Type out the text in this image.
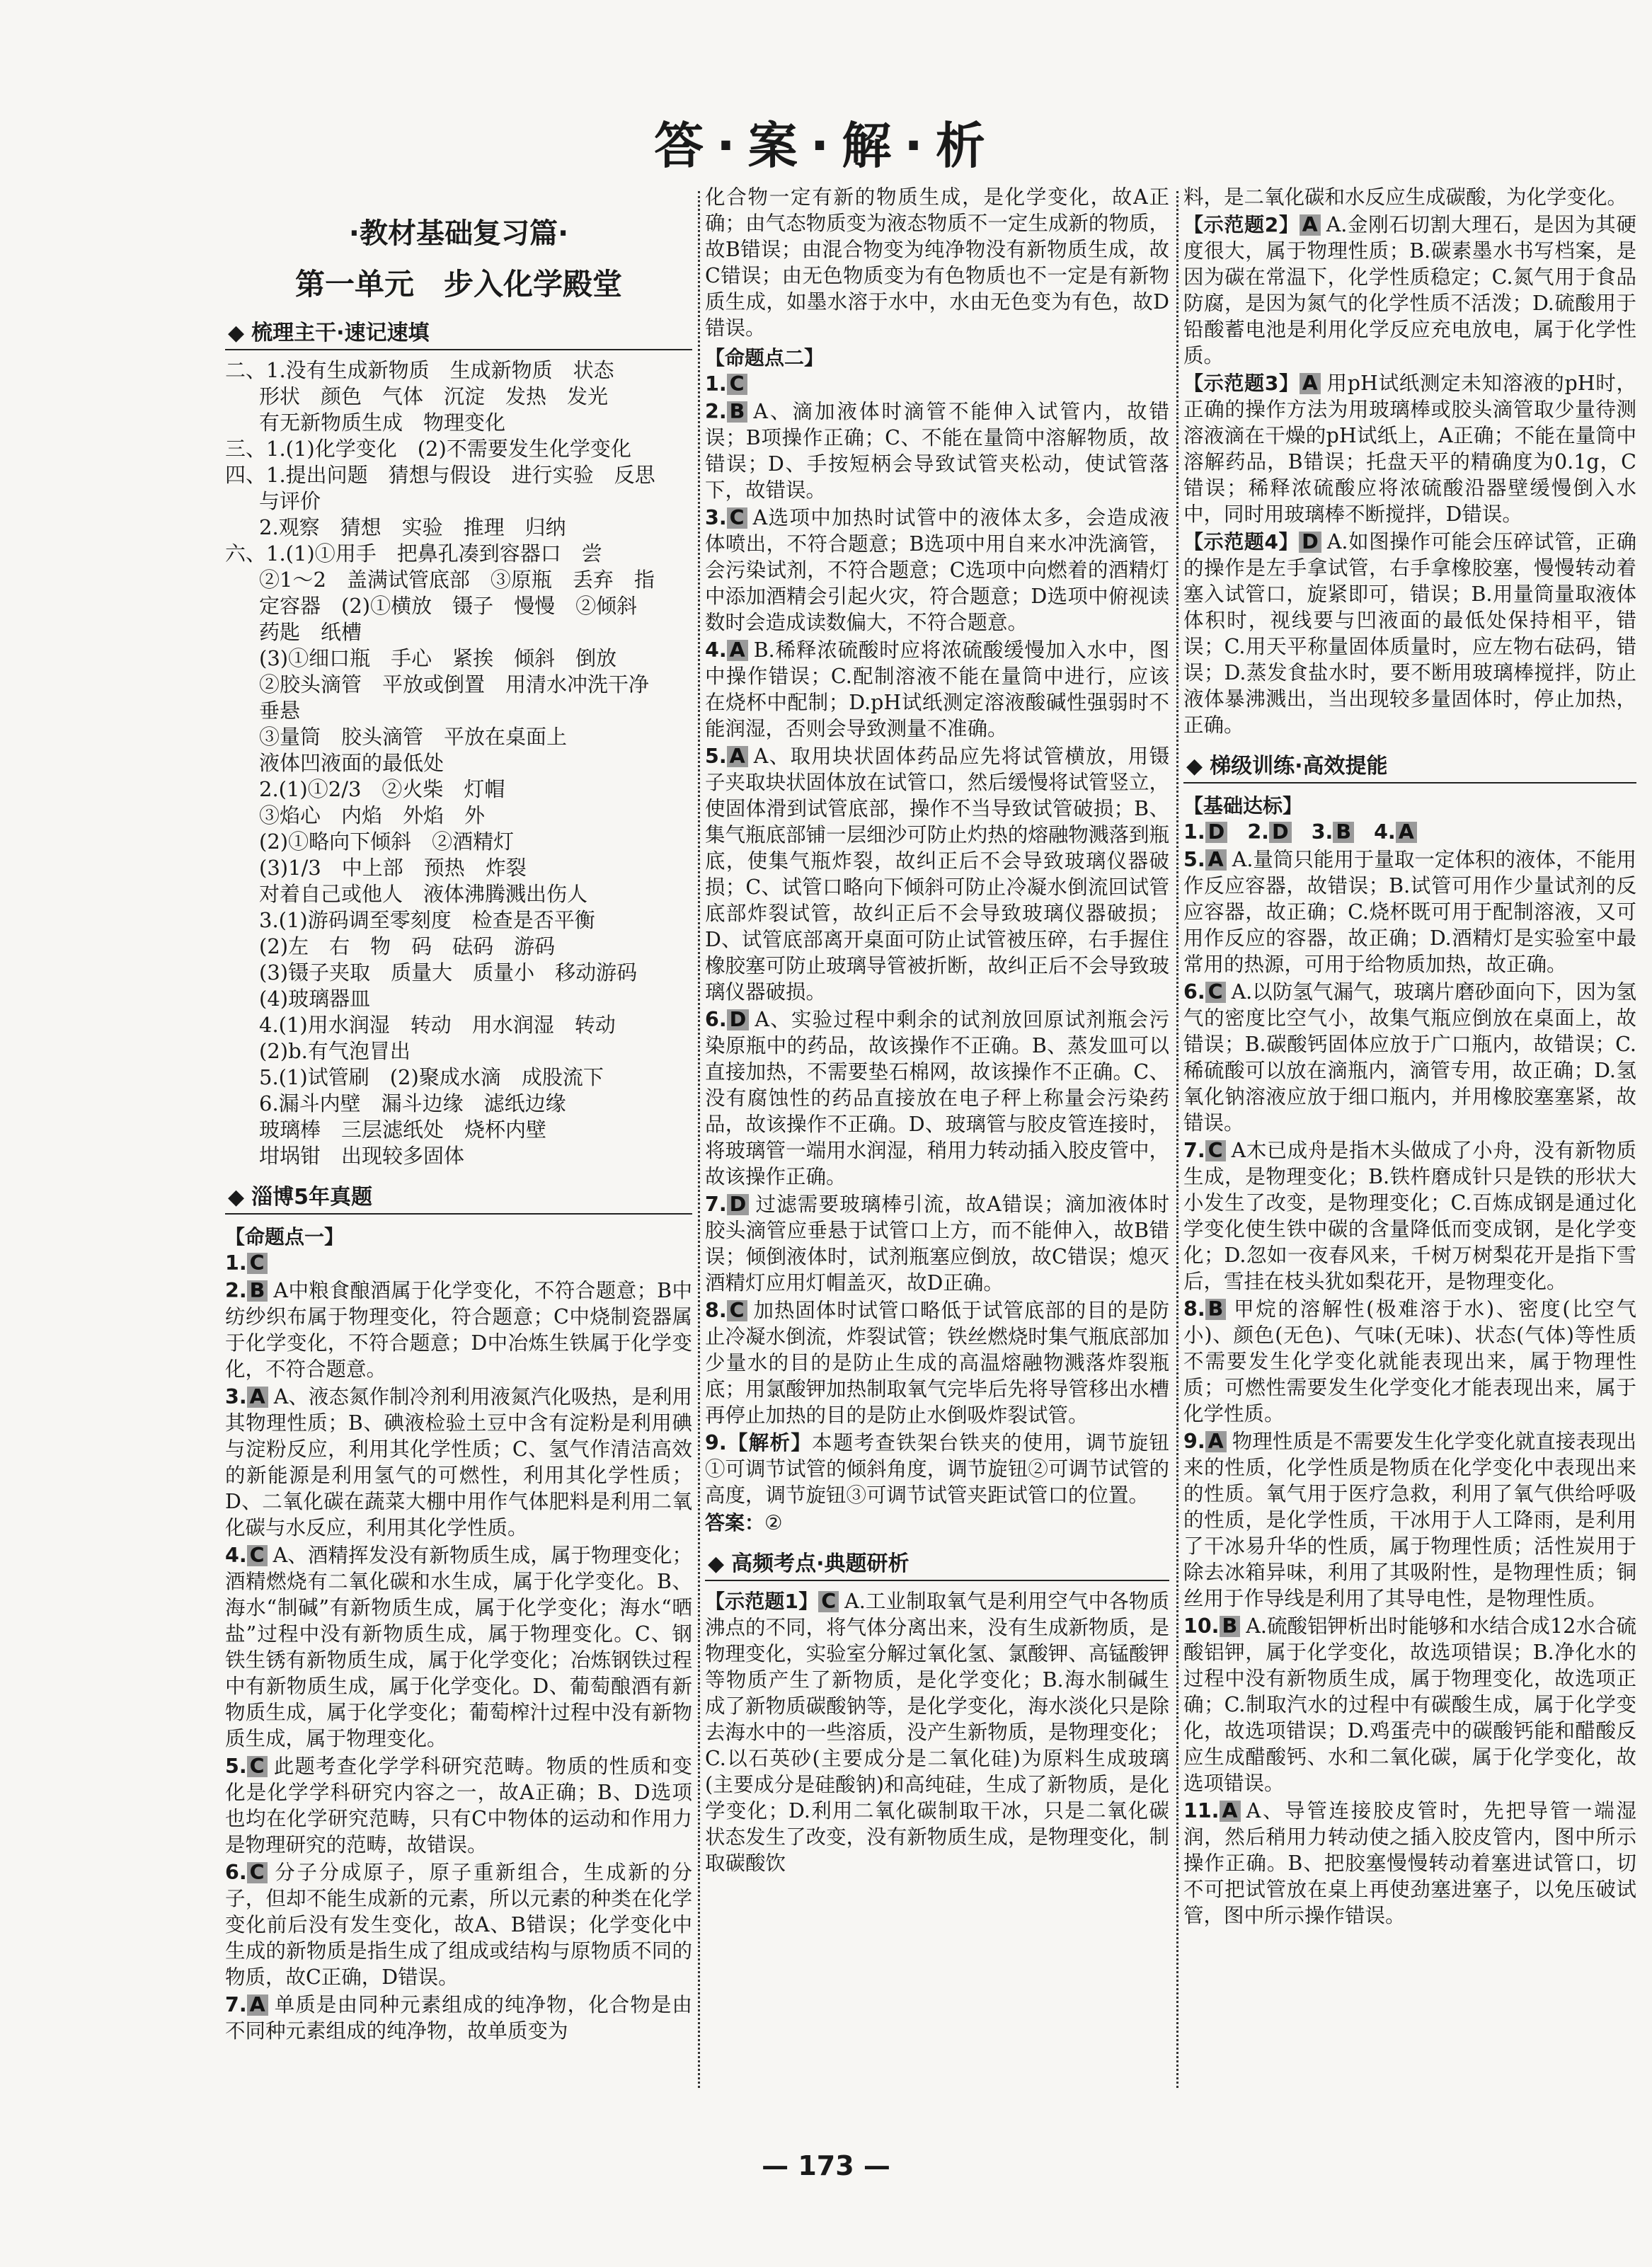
答·案·解·析
·教材基础复习篇·
第一单元　步入化学殿堂
◆ 梳理主干·速记速填
二、1.没有生成新物质　生成新物质　状态
形状　颜色　气体　沉淀　发热　发光
有无新物质生成　物理变化
三、1.(1)化学变化　(2)不需要发生化学变化
四、1.提出问题　猜想与假设　进行实验　反思
与评价
2.观察　猜想　实验　推理　归纳
六、1.(1)①用手　把鼻孔凑到容器口　尝
②1～2　盖满试管底部　③原瓶　丢弃　指
定容器　(2)①横放　镊子　慢慢　②倾斜
药匙　纸槽
(3)①细口瓶　手心　紧挨　倾斜　倒放
②胶头滴管　平放或倒置　用清水冲洗干净
垂悬
③量筒　胶头滴管　平放在桌面上
液体凹液面的最低处
2.(1)①2/3　②火柴　灯帽
③焰心　内焰　外焰　外
(2)①略向下倾斜　②酒精灯
(3)1/3　中上部　预热　炸裂
对着自己或他人　液体沸腾溅出伤人
3.(1)游码调至零刻度　检查是否平衡
(2)左　右　物　码　砝码　游码
(3)镊子夹取　质量大　质量小　移动游码
(4)玻璃器皿
4.(1)用水润湿　转动　用水润湿　转动
(2)b.有气泡冒出
5.(1)试管刷　(2)聚成水滴　成股流下
6.漏斗内壁　漏斗边缘　滤纸边缘
玻璃棒　三层滤纸处　烧杯内壁
坩埚钳　出现较多固体
◆ 淄博5年真题
【命题点一】
1. C
2. B A中粮食酿酒属于化学变化，不符合题意；B中纺纱织布属于物理变化，符合题意；C中烧制瓷器属于化学变化，不符合题意；D中冶炼生铁属于化学变化，不符合题意。
3. A A、液态氮作制冷剂利用液氮汽化吸热，是利用其物理性质；B、碘液检验土豆中含有淀粉是利用碘与淀粉反应，利用其化学性质；C、氢气作清洁高效的新能源是利用氢气的可燃性，利用其化学性质；D、二氧化碳在蔬菜大棚中用作气体肥料是利用二氧化碳与水反应，利用其化学性质。
4. C A、酒精挥发没有新物质生成，属于物理变化；酒精燃烧有二氧化碳和水生成，属于化学变化。B、海水“制碱”有新物质生成，属于化学变化；海水“晒盐”过程中没有新物质生成，属于物理变化。C、钢铁生锈有新物质生成，属于化学变化；冶炼钢铁过程中有新物质生成，属于化学变化。D、葡萄酿酒有新物质生成，属于化学变化；葡萄榨汁过程中没有新物质生成，属于物理变化。
5. C 此题考查化学学科研究范畴。物质的性质和变化是化学学科研究内容之一，故A正确；B、D选项也均在化学研究范畴，只有C中物体的运动和作用力是物理研究的范畴，故错误。
6. C 分子分成原子，原子重新组合，生成新的分子，但却不能生成新的元素，所以元素的种类在化学变化前后没有发生变化，故A、B错误；化学变化中生成的新物质是指生成了组成或结构与原物质不同的物质，故C正确，D错误。
7. A 单质是由同种元素组成的纯净物，化合物是由不同种元素组成的纯净物，故单质变为
化合物一定有新的物质生成，是化学变化，故A正确；由气态物质变为液态物质不一定生成新的物质，故B错误；由混合物变为纯净物没有新物质生成，故C错误；由无色物质变为有色物质也不一定是有新物质生成，如墨水溶于水中，水由无色变为有色，故D错误。
【命题点二】
1. C
2. B A、滴加液体时滴管不能伸入试管内，故错误；B项操作正确；C、不能在量筒中溶解物质，故错误；D、手按短柄会导致试管夹松动，使试管落下，故错误。
3. C A选项中加热时试管中的液体太多，会造成液体喷出，不符合题意；B选项中用自来水冲洗滴管，会污染试剂，不符合题意；C选项中向燃着的酒精灯中添加酒精会引起火灾，符合题意；D选项中俯视读数时会造成读数偏大，不符合题意。
4. A B.稀释浓硫酸时应将浓硫酸缓慢加入水中，图中操作错误；C.配制溶液不能在量筒中进行，应该在烧杯中配制；D.pH试纸测定溶液酸碱性强弱时不能润湿，否则会导致测量不准确。
5. A A、取用块状固体药品应先将试管横放，用镊子夹取块状固体放在试管口，然后缓慢将试管竖立，使固体滑到试管底部，操作不当导致试管破损；B、集气瓶底部铺一层细沙可防止灼热的熔融物溅落到瓶底，使集气瓶炸裂，故纠正后不会导致玻璃仪器破损；C、试管口略向下倾斜可防止冷凝水倒流回试管底部炸裂试管，故纠正后不会导致玻璃仪器破损；D、试管底部离开桌面可防止试管被压碎，右手握住橡胶塞可防止玻璃导管被折断，故纠正后不会导致玻璃仪器破损。
6. D A、实验过程中剩余的试剂放回原试剂瓶会污染原瓶中的药品，故该操作不正确。B、蒸发皿可以直接加热，不需要垫石棉网，故该操作不正确。C、没有腐蚀性的药品直接放在电子秤上称量会污染药品，故该操作不正确。D、玻璃管与胶皮管连接时，将玻璃管一端用水润湿，稍用力转动插入胶皮管中，故该操作正确。
7. D 过滤需要玻璃棒引流，故A错误；滴加液体时胶头滴管应垂悬于试管口上方，而不能伸入，故B错误；倾倒液体时，试剂瓶塞应倒放，故C错误；熄灭酒精灯应用灯帽盖灭，故D正确。
8. C 加热固体时试管口略低于试管底部的目的是防止冷凝水倒流，炸裂试管；铁丝燃烧时集气瓶底部加少量水的目的是防止生成的高温熔融物溅落炸裂瓶底；用氯酸钾加热制取氧气完毕后先将导管移出水槽再停止加热的目的是防止水倒吸炸裂试管。
9.【解析】本题考查铁架台铁夹的使用，调节旋钮①可调节试管的倾斜角度，调节旋钮②可调节试管的高度，调节旋钮③可调节试管夹距试管口的位置。
答案：②
◆ 高频考点·典题研析
【示范题1】 C A.工业制取氧气是利用空气中各物质沸点的不同，将气体分离出来，没有生成新物质，是物理变化，实验室分解过氧化氢、氯酸钾、高锰酸钾等物质产生了新物质，是化学变化；B.海水制碱生成了新物质碳酸钠等，是化学变化，海水淡化只是除去海水中的一些溶质，没产生新物质，是物理变化；C.以石英砂(主要成分是二氧化硅)为原料生成玻璃(主要成分是硅酸钠)和高纯硅，生成了新物质，是化学变化；D.利用二氧化碳制取干冰，只是二氧化碳状态发生了改变，没有新物质生成，是物理变化，制取碳酸饮
料，是二氧化碳和水反应生成碳酸，为化学变化。
【示范题2】 A A.金刚石切割大理石，是因为其硬度很大，属于物理性质；B.碳素墨水书写档案，是因为碳在常温下，化学性质稳定；C.氮气用于食品防腐，是因为氮气的化学性质不活泼；D.硫酸用于铅酸蓄电池是利用化学反应充电放电，属于化学性质。
【示范题3】 A 用pH试纸测定未知溶液的pH时，正确的操作方法为用玻璃棒或胶头滴管取少量待测溶液滴在干燥的pH试纸上，A正确；不能在量筒中溶解药品，B错误；托盘天平的精确度为0.1g，C错误；稀释浓硫酸应将浓硫酸沿器壁缓慢倒入水中，同时用玻璃棒不断搅拌，D错误。
【示范题4】 D A.如图操作可能会压碎试管，正确的操作是左手拿试管，右手拿橡胶塞，慢慢转动着塞入试管口，旋紧即可，错误；B.用量筒量取液体体积时，视线要与凹液面的最低处保持相平，错误；C.用天平称量固体质量时，应左物右砝码，错误；D.蒸发食盐水时，要不断用玻璃棒搅拌，防止液体暴沸溅出，当出现较多量固体时，停止加热，正确。
◆ 梯级训练·高效提能
【基础达标】
1. D 2. D 3. B 4. A
5. A A.量筒只能用于量取一定体积的液体，不能用作反应容器，故错误；B.试管可用作少量试剂的反应容器，故正确；C.烧杯既可用于配制溶液，又可用作反应的容器，故正确；D.酒精灯是实验室中最常用的热源，可用于给物质加热，故正确。
6. C A.以防氢气漏气，玻璃片磨砂面向下，因为氢气的密度比空气小，故集气瓶应倒放在桌面上，故错误；B.碳酸钙固体应放于广口瓶内，故错误；C.稀硫酸可以放在滴瓶内，滴管专用，故正确；D.氢氧化钠溶液应放于细口瓶内，并用橡胶塞塞紧，故错误。
7. C A木已成舟是指木头做成了小舟，没有新物质生成，是物理变化；B.铁杵磨成针只是铁的形状大小发生了改变，是物理变化；C.百炼成钢是通过化学变化使生铁中碳的含量降低而变成钢，是化学变化；D.忽如一夜春风来，千树万树梨花开是指下雪后，雪挂在枝头犹如梨花开，是物理变化。
8. B 甲烷的溶解性(极难溶于水)、密度(比空气小)、颜色(无色)、气味(无味)、状态(气体)等性质不需要发生化学变化就能表现出来，属于物理性质；可燃性需要发生化学变化才能表现出来，属于化学性质。
9. A 物理性质是不需要发生化学变化就直接表现出来的性质，化学性质是物质在化学变化中表现出来的性质。氧气用于医疗急救，利用了氧气供给呼吸的性质，是化学性质，干冰用于人工降雨，是利用了干冰易升华的性质，属于物理性质；活性炭用于除去冰箱异味，利用了其吸附性，是物理性质；铜丝用于作导线是利用了其导电性，是物理性质。
10. B A.硫酸铝钾析出时能够和水结合成12水合硫酸铝钾，属于化学变化，故选项错误；B.净化水的过程中没有新物质生成，属于物理变化，故选项正确；C.制取汽水的过程中有碳酸生成，属于化学变化，故选项错误；D.鸡蛋壳中的碳酸钙能和醋酸反应生成醋酸钙、水和二氧化碳，属于化学变化，故选项错误。
11. A A、导管连接胶皮管时，先把导管一端湿润，然后稍用力转动使之插入胶皮管内，图中所示操作正确。B、把胶塞慢慢转动着塞进试管口，切不可把试管放在桌上再使劲塞进塞子，以免压破试管，图中所示操作错误。
— 173 —
